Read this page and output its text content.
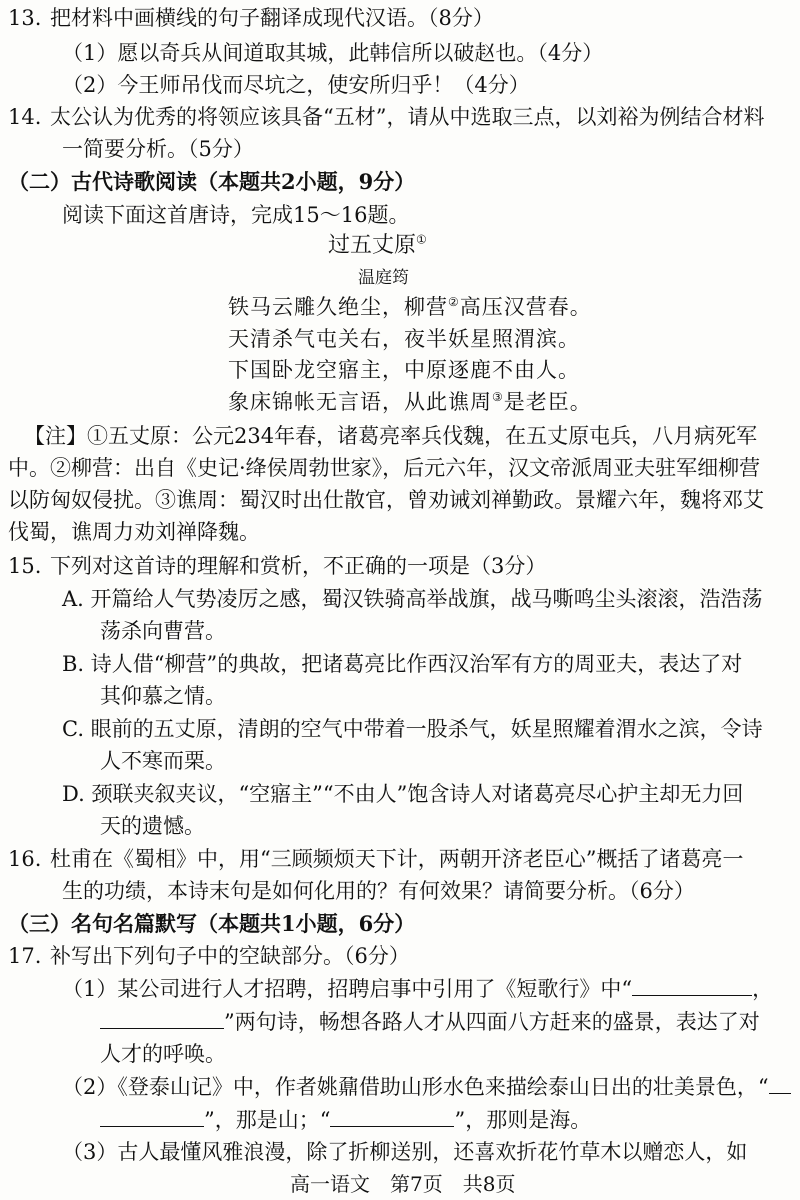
13. 把材料中画横线的句子翻译成现代汉语。（8分）
（1）愿以奇兵从间道取其城，此韩信所以破赵也。（4分）
（2）今王师吊伐而尽坑之，使安所归乎！（4分）
14. 太公认为优秀的将领应该具备“五材”，请从中选取三点，以刘裕为例结合材料
一简要分析。（5分）
（二）古代诗歌阅读（本题共2小题，9分）
阅读下面这首唐诗，完成15～16题。
过五丈原①
温庭筠
铁马云雕久绝尘，柳营②高压汉营春。
天清杀气屯关右，夜半妖星照渭滨。
下国卧龙空寤主，中原逐鹿不由人。
象床锦帐无言语，从此谯周③是老臣。
【注】①五丈原：公元234年春，诸葛亮率兵伐魏，在五丈原屯兵，八月病死军
中。②柳营：出自《史记·绛侯周勃世家》，后元六年，汉文帝派周亚夫驻军细柳营
以防匈奴侵扰。③谯周：蜀汉时出仕散官，曾劝诫刘禅勤政。景耀六年，魏将邓艾
伐蜀，谯周力劝刘禅降魏。
15. 下列对这首诗的理解和赏析，不正确的一项是（3分）
A. 开篇给人气势凌厉之感，蜀汉铁骑高举战旗，战马嘶鸣尘头滚滚，浩浩荡
荡杀向曹营。
B. 诗人借“柳营”的典故，把诸葛亮比作西汉治军有方的周亚夫，表达了对
其仰慕之情。
C. 眼前的五丈原，清朗的空气中带着一股杀气，妖星照耀着渭水之滨，令诗
人不寒而栗。
D. 颈联夹叙夹议，“空寤主”“不由人”饱含诗人对诸葛亮尽心护主却无力回
天的遗憾。
16. 杜甫在《蜀相》中，用“三顾频烦天下计，两朝开济老臣心”概括了诸葛亮一
生的功绩，本诗末句是如何化用的？有何效果？请简要分析。（6分）
（三）名句名篇默写（本题共1小题，6分）
17. 补写出下列句子中的空缺部分。（6分）
（1）某公司进行人才招聘，招聘启事中引用了《短歌行》中“	，
”两句诗，畅想各路人才从四面八方赶来的盛景，表达了对
人才的呼唤。
（2）《登泰山记》中，作者姚鼐借助山形水色来描绘泰山日出的壮美景色，“
”，那是山；“	”，那则是海。
（3）古人最懂风雅浪漫，除了折柳送别，还喜欢折花竹草木以赠恋人，如
高一语文　第7页　共8页
